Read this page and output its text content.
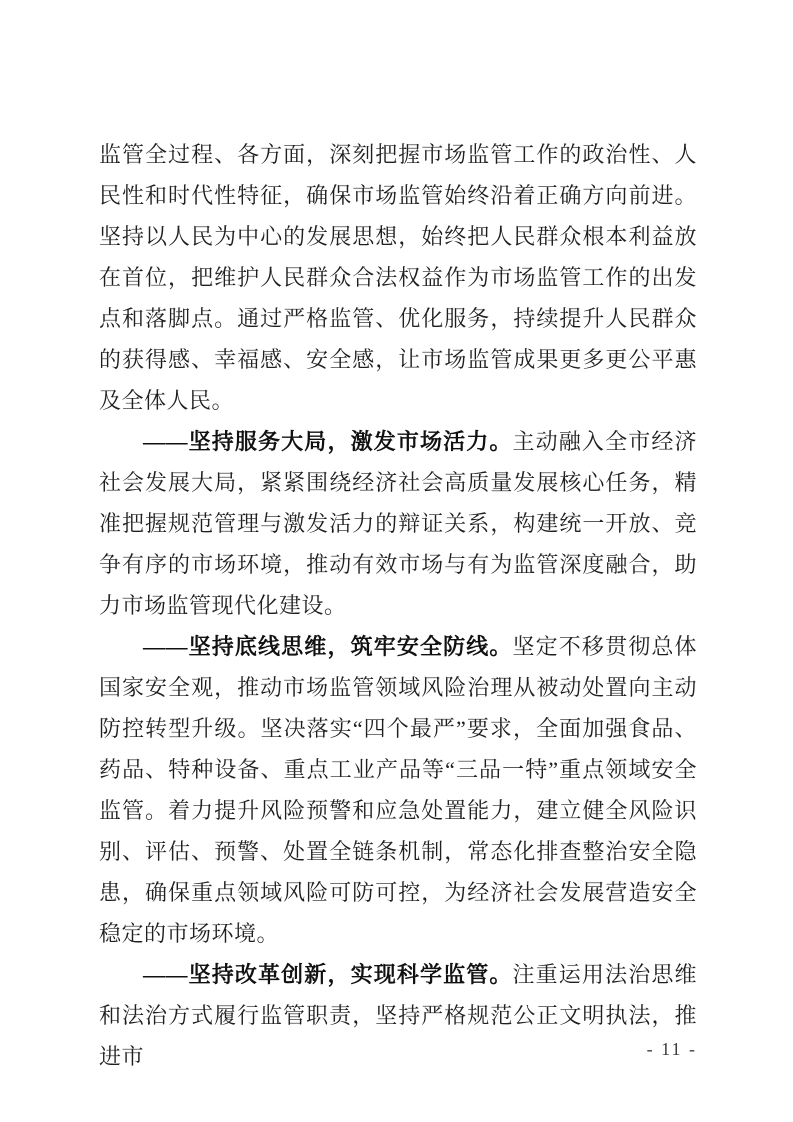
监管全过程、各方面，深刻把握市场监管工作的政治性、人民性和时代性特征，确保市场监管始终沿着正确方向前进。坚持以人民为中心的发展思想，始终把人民群众根本利益放在首位，把维护人民群众合法权益作为市场监管工作的出发点和落脚点。通过严格监管、优化服务，持续提升人民群众的获得感、幸福感、安全感，让市场监管成果更多更公平惠及全体人民。

——坚持服务大局，激发市场活力。主动融入全市经济社会发展大局，紧紧围绕经济社会高质量发展核心任务，精准把握规范管理与激发活力的辩证关系，构建统一开放、竞争有序的市场环境，推动有效市场与有为监管深度融合，助力市场监管现代化建设。

——坚持底线思维，筑牢安全防线。坚定不移贯彻总体国家安全观，推动市场监管领域风险治理从被动处置向主动防控转型升级。坚决落实“四个最严”要求，全面加强食品、药品、特种设备、重点工业产品等“三品一特”重点领域安全监管。着力提升风险预警和应急处置能力，建立健全风险识别、评估、预警、处置全链条机制，常态化排查整治安全隐患，确保重点领域风险可防可控，为经济社会发展营造安全稳定的市场环境。

——坚持改革创新，实现科学监管。注重运用法治思维和法治方式履行监管职责，坚持严格规范公正文明执法，推进市	- 11 -
